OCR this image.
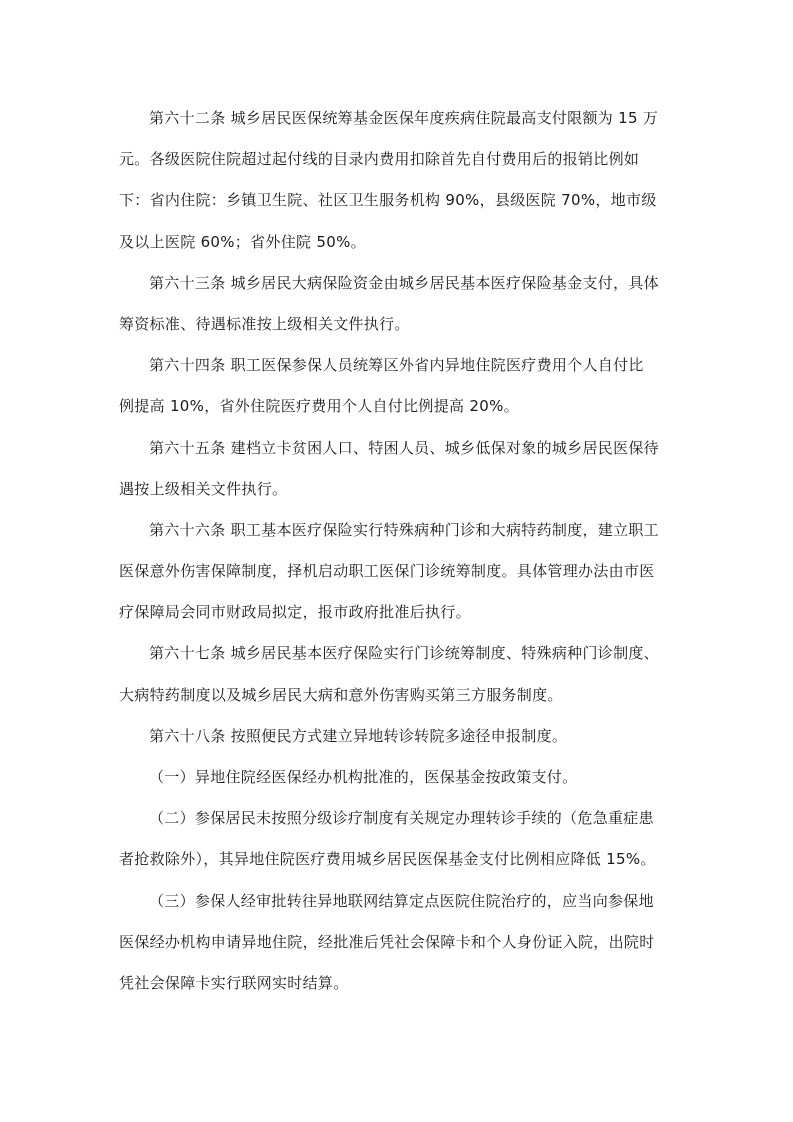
第六十二条 城乡居民医保统筹基金医保年度疾病住院最高支付限额为 15 万
元。各级医院住院超过起付线的目录内费用扣除首先自付费用后的报销比例如
下：省内住院：乡镇卫生院、社区卫生服务机构 90%，县级医院 70%，地市级
及以上医院 60%；省外住院 50%。

第六十三条 城乡居民大病保险资金由城乡居民基本医疗保险基金支付，具体
筹资标准、待遇标准按上级相关文件执行。

第六十四条 职工医保参保人员统筹区外省内异地住院医疗费用个人自付比
例提高 10%，省外住院医疗费用个人自付比例提高 20%。

第六十五条 建档立卡贫困人口、特困人员、城乡低保对象的城乡居民医保待
遇按上级相关文件执行。

第六十六条 职工基本医疗保险实行特殊病种门诊和大病特药制度，建立职工
医保意外伤害保障制度，择机启动职工医保门诊统筹制度。具体管理办法由市医
疗保障局会同市财政局拟定，报市政府批准后执行。

第六十七条 城乡居民基本医疗保险实行门诊统筹制度、特殊病种门诊制度、
大病特药制度以及城乡居民大病和意外伤害购买第三方服务制度。

第六十八条 按照便民方式建立异地转诊转院多途径申报制度。

（一）异地住院经医保经办机构批准的，医保基金按政策支付。

（二）参保居民未按照分级诊疗制度有关规定办理转诊手续的（危急重症患
者抢救除外），其异地住院医疗费用城乡居民医保基金支付比例相应降低 15%。

（三）参保人经审批转往异地联网结算定点医院住院治疗的，应当向参保地
医保经办机构申请异地住院，经批准后凭社会保障卡和个人身份证入院，出院时
凭社会保障卡实行联网实时结算。
